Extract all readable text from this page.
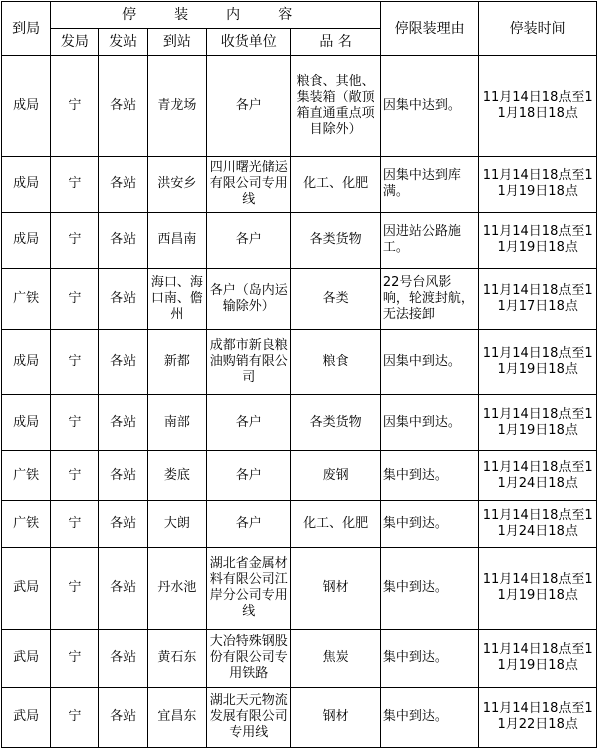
到局	停 装 内 容					停限装理由	停装时间
	发局	发站	到站	收货单位	品 名		
成局	宁	各站	青龙场	各户	粮食、其他、集装箱（敞顶箱直通重点项目除外）	因集中达到。	11月14日18点至11月18日18点
成局	宁	各站	洪安乡	四川曙光储运有限公司专用线	化工、化肥	因集中达到库满。	11月14日18点至11月19日18点
成局	宁	各站	西昌南	各户	各类货物	因进站公路施工。	11月14日18点至11月19日18点
广铁	宁	各站	海口、海口南、儋州	各户（岛内运输除外）	各类	22号台风影响，轮渡封航，无法接卸	11月14日18点至11月17日18点
成局	宁	各站	新都	成都市新良粮油购销有限公司	粮食	因集中到达。	11月14日18点至11月19日18点
成局	宁	各站	南部	各户	各类货物	因集中到达。	11月14日18点至11月19日18点
广铁	宁	各站	娄底	各户	废钢	集中到达。	11月14日18点至11月24日18点
广铁	宁	各站	大朗	各户	化工、化肥	集中到达。	11月14日18点至11月24日18点
武局	宁	各站	丹水池	湖北省金属材料有限公司江岸分公司专用线	钢材	集中到达。	11月14日18点至11月19日18点
武局	宁	各站	黄石东	大冶特殊钢股份有限公司专用铁路	焦炭	集中到达。	11月14日18点至11月19日18点
武局	宁	各站	宜昌东	湖北天元物流发展有限公司专用线	钢材	集中到达。	11月14日18点至11月22日18点
